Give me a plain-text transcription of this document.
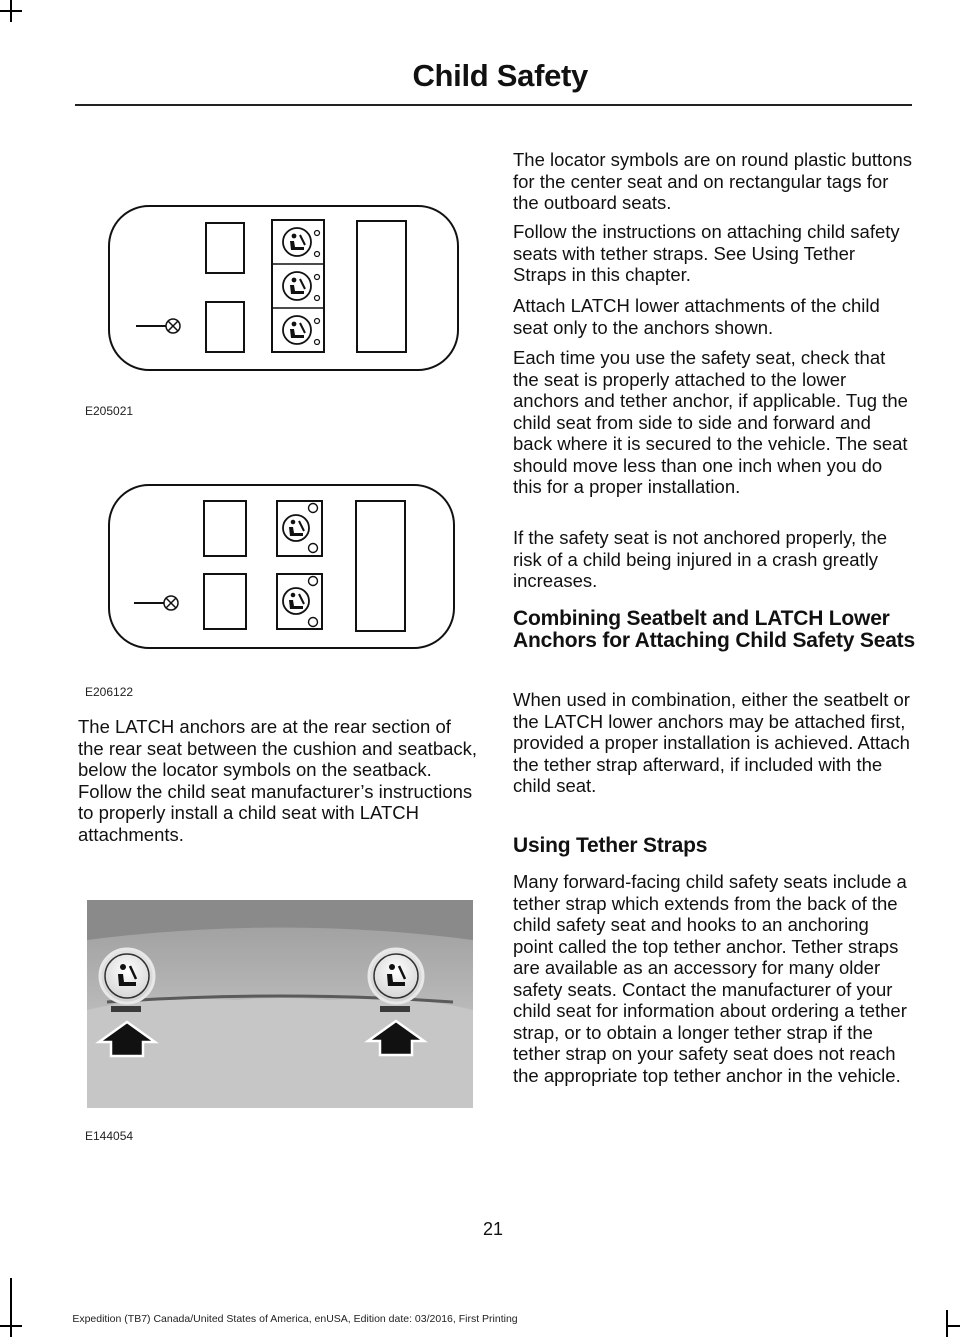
Child Safety
E205021
E206122

The LATCH anchors are at the rear section of the rear seat between the cushion and seatback, below the locator symbols on the seatback. Follow the child seat manufacturer’s instructions to properly install a child seat with LATCH attachments.

E144054

The locator symbols are on round plastic buttons for the center seat and on rectangular tags for the outboard seats.

Follow the instructions on attaching child safety seats with tether straps. See Using Tether Straps in this chapter.

Attach LATCH lower attachments of the child seat only to the anchors shown.

Each time you use the safety seat, check that the seat is properly attached to the lower anchors and tether anchor, if applicable. Tug the child seat from side to side and forward and back where it is secured to the vehicle. The seat should move less than one inch when you do this for a proper installation.

If the safety seat is not anchored properly, the risk of a child being injured in a crash greatly increases.

Combining Seatbelt and LATCH Lower Anchors for Attaching Child Safety Seats

When used in combination, either the seatbelt or the LATCH lower anchors may be attached first, provided a proper installation is achieved. Attach the tether strap afterward, if included with the child seat.

Using Tether Straps

Many forward-facing child safety seats include a tether strap which extends from the back of the child safety seat and hooks to an anchoring point called the top tether anchor. Tether straps are available as an accessory for many older safety seats. Contact the manufacturer of your child seat for information about ordering a tether strap, or to obtain a longer tether strap if the tether strap on your safety seat does not reach the appropriate top tether anchor in the vehicle.

21
Expedition (TB7) Canada/United States of America, enUSA, Edition date: 03/2016, First Printing
